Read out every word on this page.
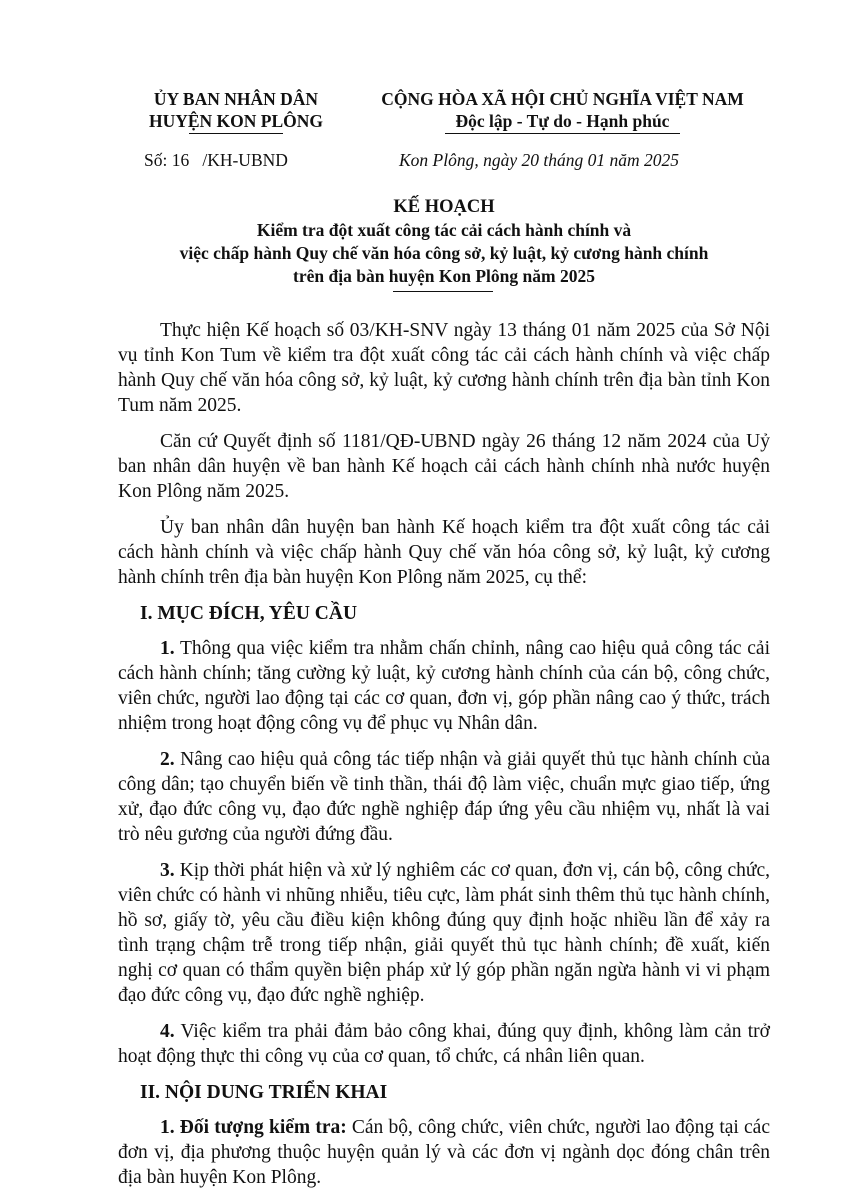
ỦY BAN NHÂN DÂN
HUYỆN KON PLÔNG
CỘNG HÒA XÃ HỘI CHỦ NGHĨA VIỆT NAM
Độc lập - Tự do - Hạnh phúc
Số: 16   /KH-UBND	Kon Plông, ngày 20 tháng 01 năm 2025
KẾ HOẠCH
Kiểm tra đột xuất công tác cải cách hành chính và
việc chấp hành Quy chế văn hóa công sở, kỷ luật, kỷ cương hành chính
trên địa bàn huyện Kon Plông năm 2025

Thực hiện Kế hoạch số 03/KH-SNV ngày 13 tháng 01 năm 2025 của Sở Nội vụ tỉnh Kon Tum về kiểm tra đột xuất công tác cải cách hành chính và việc chấp hành Quy chế văn hóa công sở, kỷ luật, kỷ cương hành chính trên địa bàn tỉnh Kon Tum năm 2025.

Căn cứ Quyết định số 1181/QĐ-UBND ngày 26 tháng 12 năm 2024 của Uỷ ban nhân dân huyện về ban hành Kế hoạch cải cách hành chính nhà nước huyện Kon Plông năm 2025.

Ủy ban nhân dân huyện ban hành Kế hoạch kiểm tra đột xuất công tác cải cách hành chính và việc chấp hành Quy chế văn hóa công sở, kỷ luật, kỷ cương hành chính trên địa bàn huyện Kon Plông năm 2025, cụ thể:

I. MỤC ĐÍCH, YÊU CẦU

1. Thông qua việc kiểm tra nhằm chấn chỉnh, nâng cao hiệu quả công tác cải cách hành chính; tăng cường kỷ luật, kỷ cương hành chính của cán bộ, công chức, viên chức, người lao động tại các cơ quan, đơn vị, góp phần nâng cao ý thức, trách nhiệm trong hoạt động công vụ để phục vụ Nhân dân.

2. Nâng cao hiệu quả công tác tiếp nhận và giải quyết thủ tục hành chính của công dân; tạo chuyển biến về tinh thần, thái độ làm việc, chuẩn mực giao tiếp, ứng xử, đạo đức công vụ, đạo đức nghề nghiệp đáp ứng yêu cầu nhiệm vụ, nhất là vai trò nêu gương của người đứng đầu.

3. Kịp thời phát hiện và xử lý nghiêm các cơ quan, đơn vị, cán bộ, công chức, viên chức có hành vi nhũng nhiễu, tiêu cực, làm phát sinh thêm thủ tục hành chính, hồ sơ, giấy tờ, yêu cầu điều kiện không đúng quy định hoặc nhiều lần để xảy ra tình trạng chậm trễ trong tiếp nhận, giải quyết thủ tục hành chính; đề xuất, kiến nghị cơ quan có thẩm quyền biện pháp xử lý góp phần ngăn ngừa hành vi vi phạm đạo đức công vụ, đạo đức nghề nghiệp.

4. Việc kiểm tra phải đảm bảo công khai, đúng quy định, không làm cản trở hoạt động thực thi công vụ của cơ quan, tổ chức, cá nhân liên quan.

II. NỘI DUNG TRIỂN KHAI

1. Đối tượng kiểm tra: Cán bộ, công chức, viên chức, người lao động tại các đơn vị, địa phương thuộc huyện quản lý và các đơn vị ngành dọc đóng chân trên địa bàn huyện Kon Plông.
